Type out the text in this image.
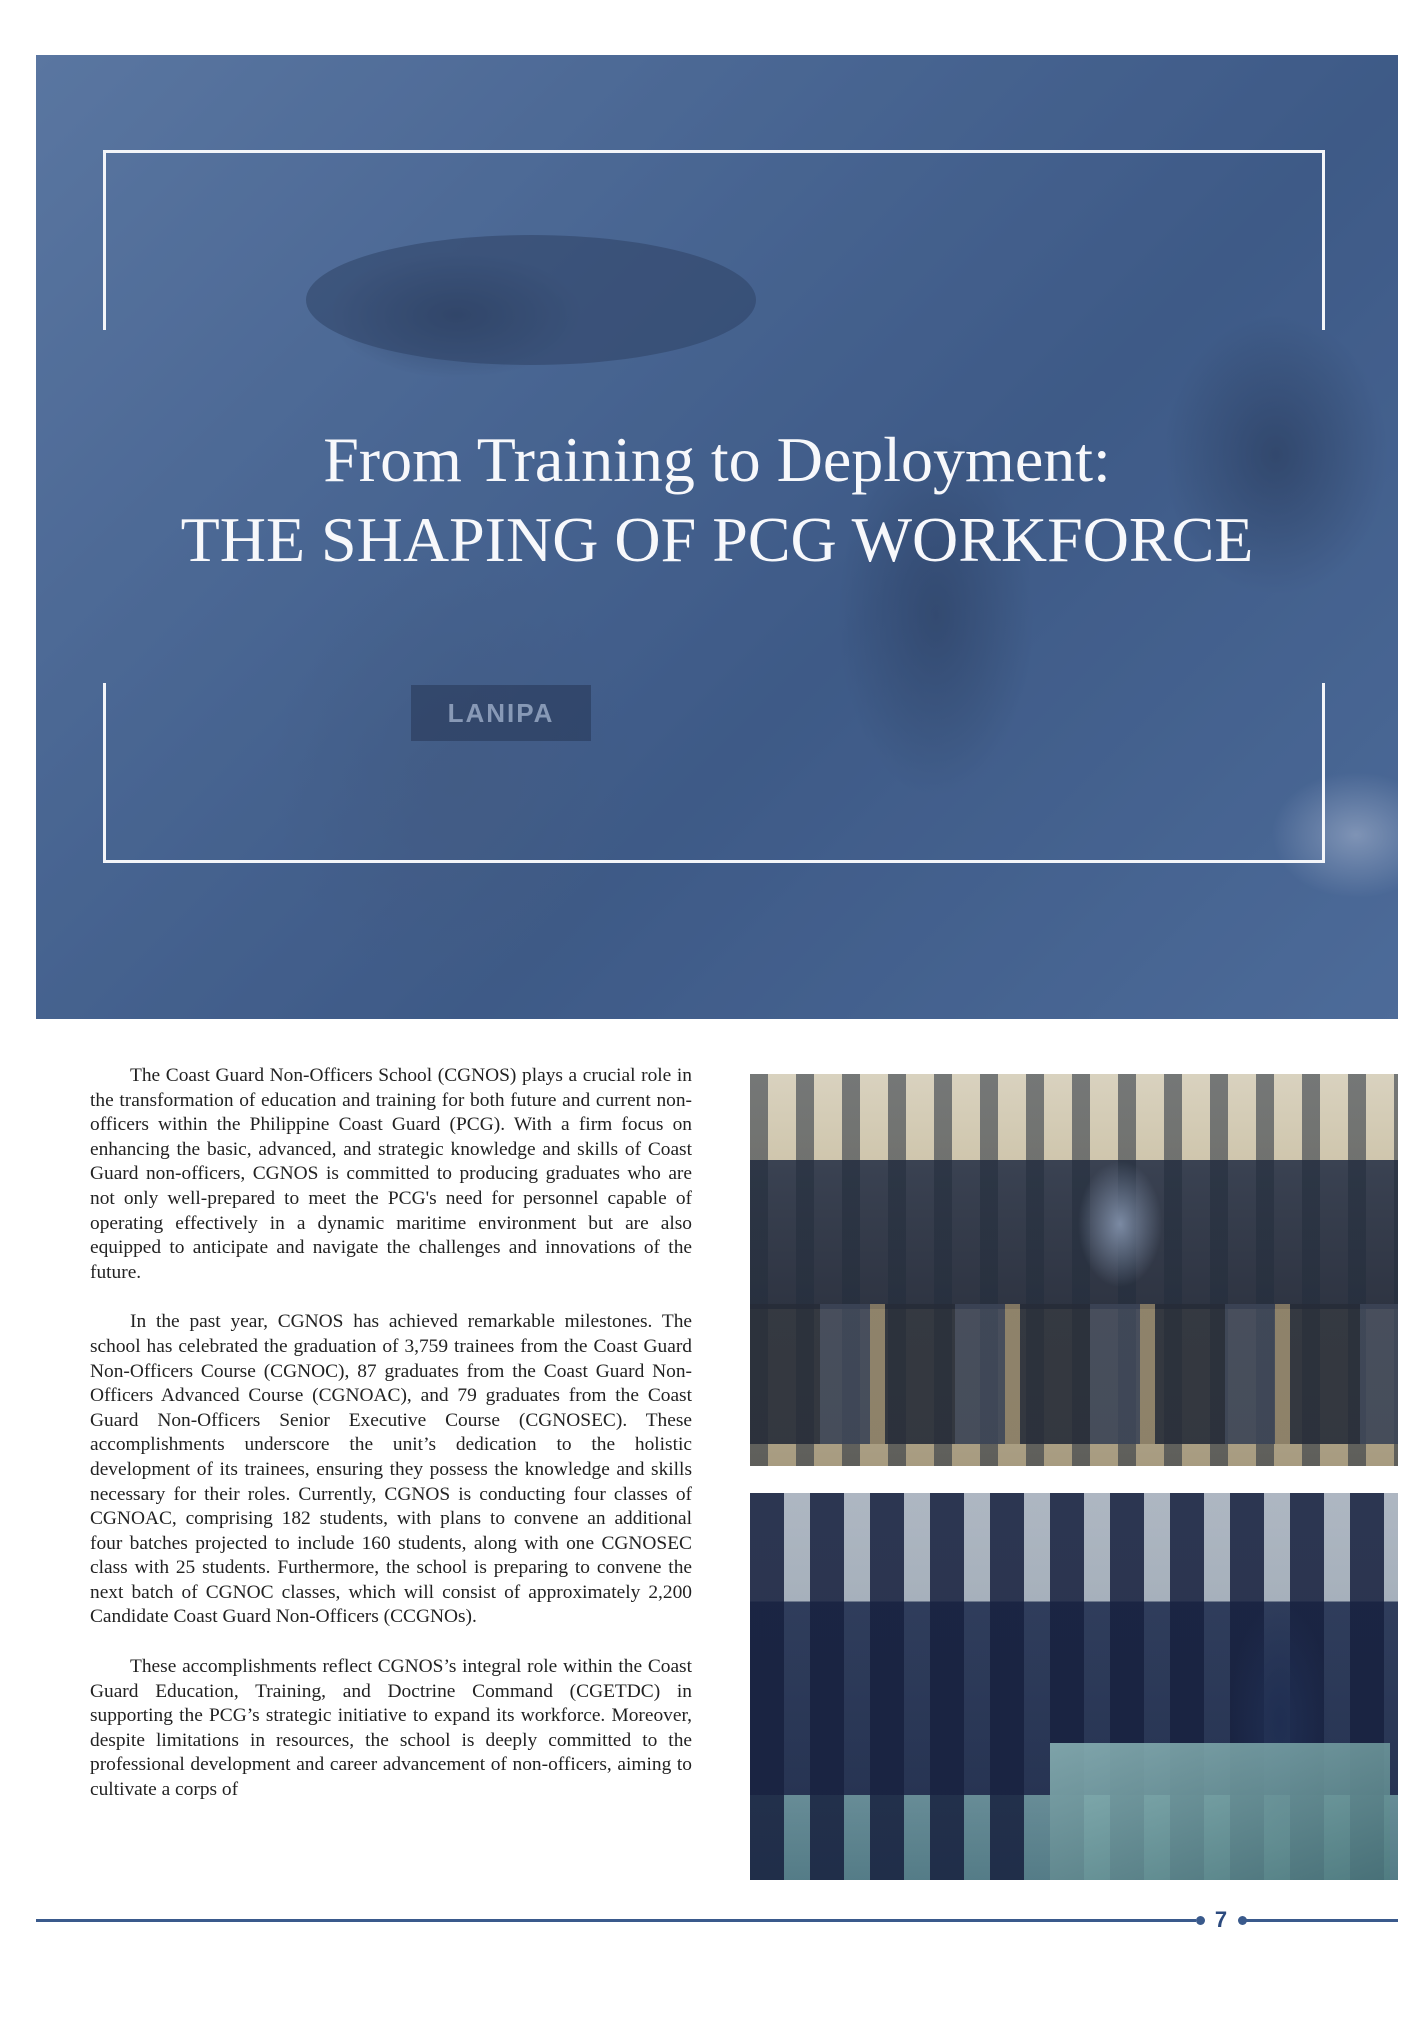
LANIPA
From Training to Deployment:
THE SHAPING OF PCG WORKFORCE

The Coast Guard Non-Officers School (CGNOS) plays a crucial role in the transformation of education and training for both future and current non-officers within the Philippine Coast Guard (PCG). With a firm focus on enhancing the basic, advanced, and strategic knowledge and skills of Coast Guard non-officers, CGNOS is committed to producing graduates who are not only well-prepared to meet the PCG's need for personnel capable of operating effectively in a dynamic maritime environment but are also equipped to anticipate and navigate the challenges and innovations of the future.

In the past year, CGNOS has achieved remarkable milestones. The school has celebrated the graduation of 3,759 trainees from the Coast Guard Non-Officers Course (CGNOC), 87 graduates from the Coast Guard Non-Officers Advanced Course (CGNOAC), and 79 graduates from the Coast Guard Non-Officers Senior Executive Course (CGNOSEC). These accomplishments underscore the unit’s dedication to the holistic development of its trainees, ensuring they possess the knowledge and skills necessary for their roles. Currently, CGNOS is conducting four classes of CGNOAC, comprising 182 students, with plans to convene an additional four batches projected to include 160 students, along with one CGNOSEC class with 25 students. Furthermore, the school is preparing to convene the next batch of CGNOC classes, which will consist of approximately 2,200 Candidate Coast Guard Non-Officers (CCGNOs).

These accomplishments reflect CGNOS’s integral role within the Coast Guard Education, Training, and Doctrine Command (CGETDC) in supporting the PCG’s strategic initiative to expand its workforce. Moreover, despite limitations in resources, the school is deeply committed to the professional development and career advancement of non-officers, aiming to cultivate a corps of

7
